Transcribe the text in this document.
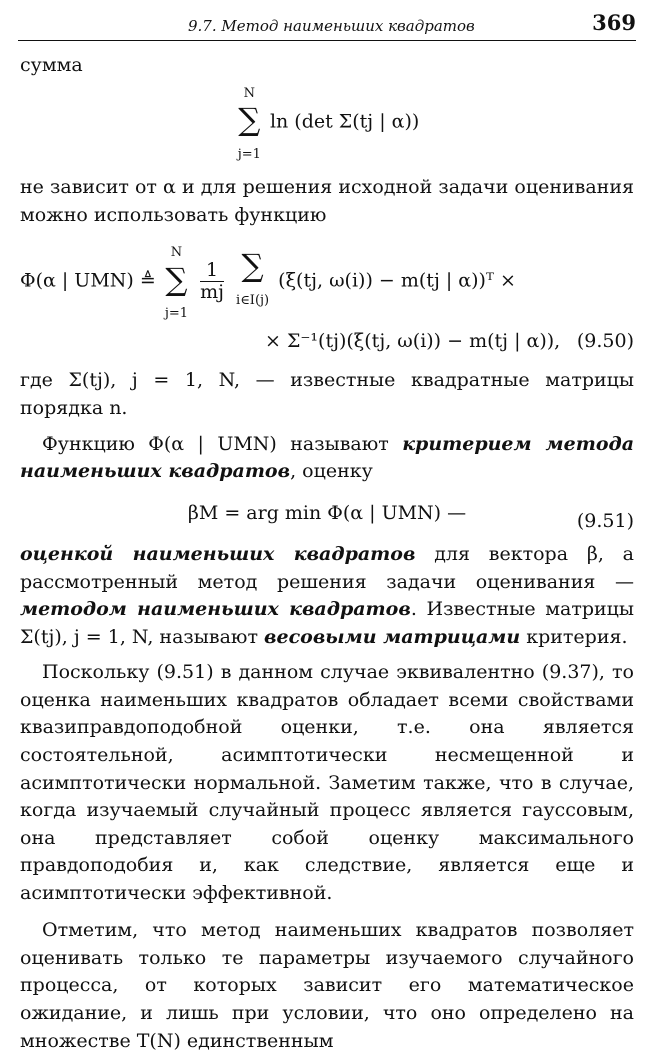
9.7. Метод наименьших квадратов	369

сумма

N
∑
j=1 ln (det Σ(tj | α))

не зависит от α и для решения исходной задачи оценивания можно использовать функцию

Φ(α | UMN) ≜ N
∑
j=1
$\frac{1}{mj}$ ∑
i∈I(j) (ξ(tj, ω(i)) − m(tj | α))ᵀ ×
× Σ⁻¹(tj)(ξ(tj, ω(i)) − m(tj | α)), (9.50)

где Σ(tj), j = 1, N, — известные квадратные матрицы порядка n.

Функцию Φ(α | UMN) называют критерием метода наименьших квадратов, оценку

βM = arg min Φ(α | UMN) —	(9.51)

оценкой наименьших квадратов для вектора β, а рассмотренный метод решения задачи оценивания — методом наименьших квадратов. Известные матрицы Σ(tj), j = 1, N, называют весовыми матрицами критерия.

Поскольку (9.51) в данном случае эквивалентно (9.37), то оценка наименьших квадратов обладает всеми свойствами квазиправдоподобной оценки, т.е. она является состоятельной, асимптотически несмещенной и асимптотически нормальной. Заметим также, что в случае, когда изучаемый случайный процесс является гауссовым, она представляет собой оценку максимального правдоподобия и, как следствие, является еще и асимптотически эффективной.

Отметим, что метод наименьших квадратов позволяет оценивать только те параметры изучаемого случайного процесса, от которых зависит его математическое ожидание, и лишь при условии, что оно определено на множестве T(N) единственным
